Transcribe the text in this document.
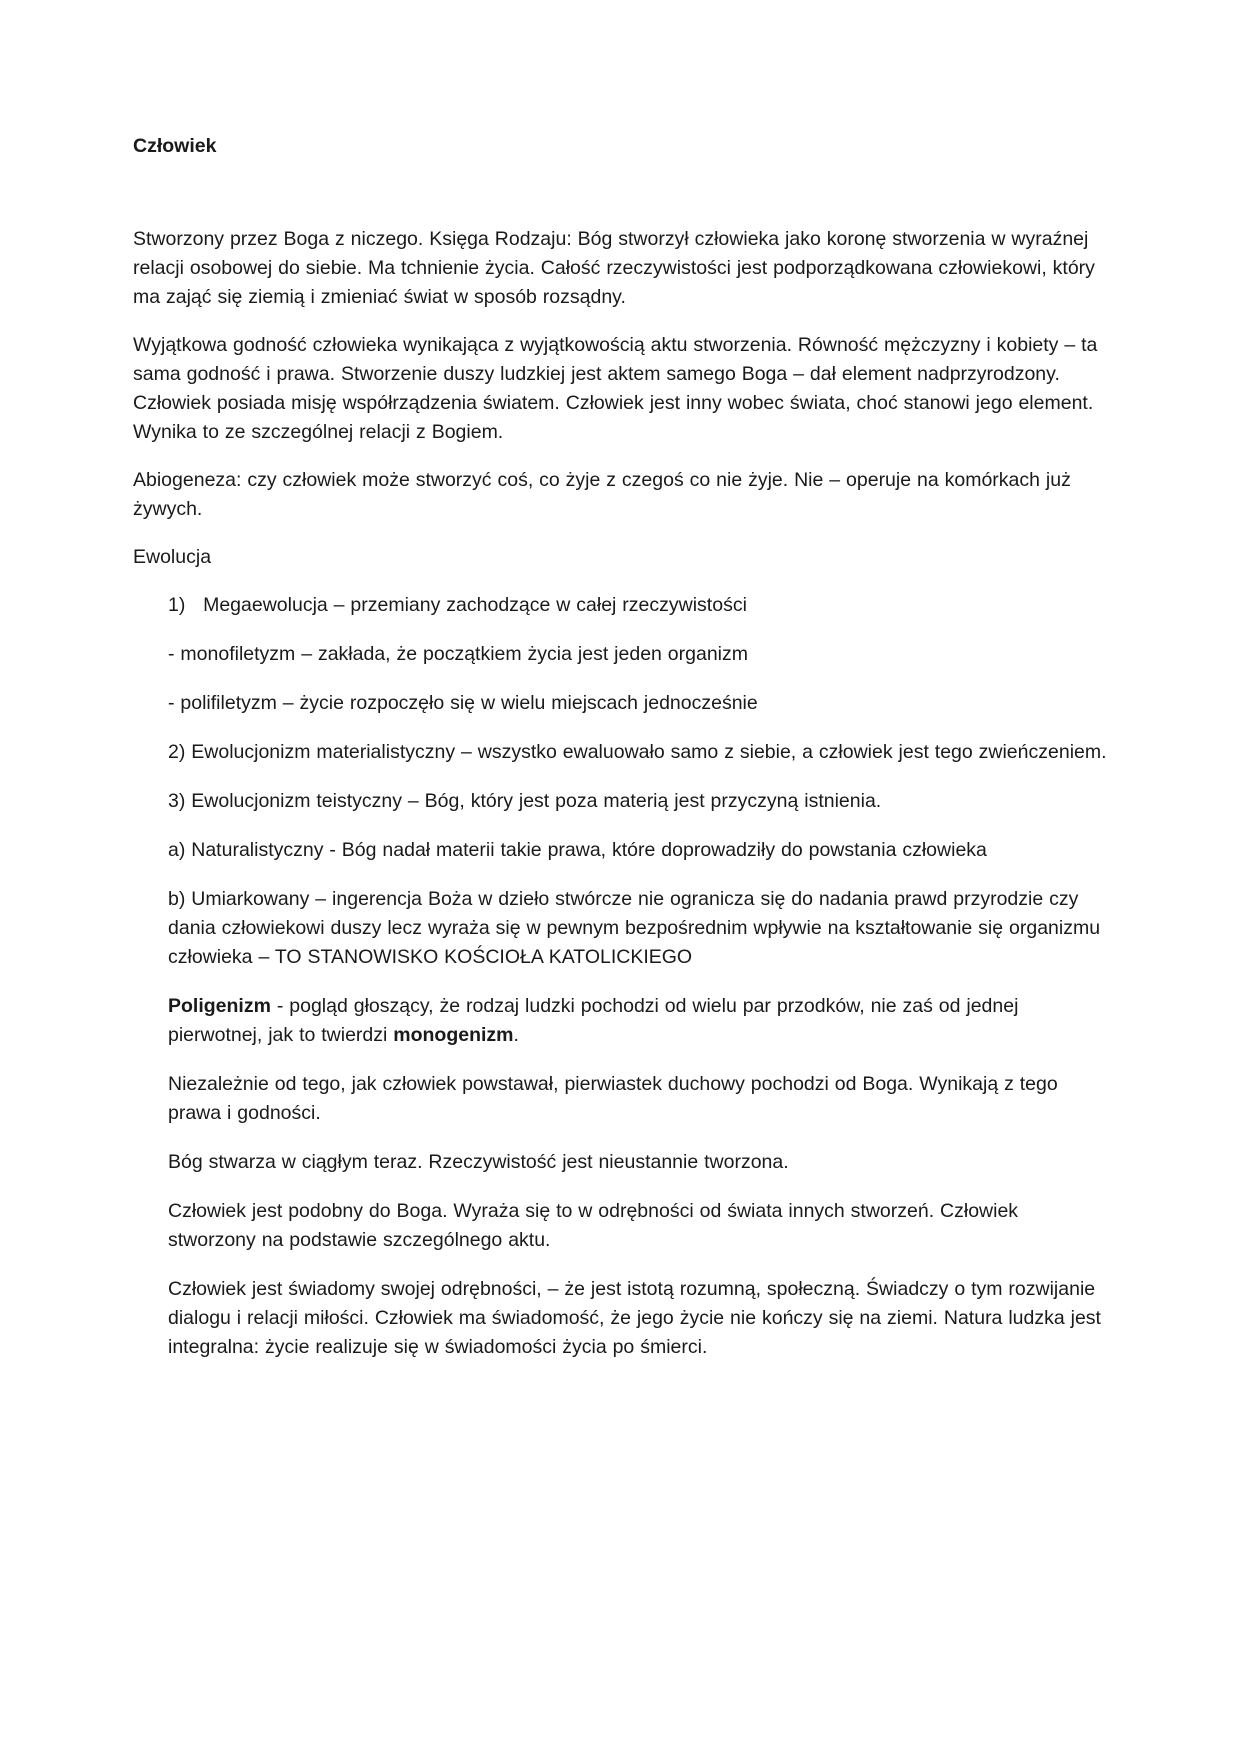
Człowiek

Stworzony przez Boga z niczego. Księga Rodzaju: Bóg stworzył człowieka jako koronę stworzenia w wyraźnej relacji osobowej do siebie. Ma tchnienie życia. Całość rzeczywistości jest podporządkowana człowiekowi, który ma zająć się ziemią i zmieniać świat w sposób rozsądny.

Wyjątkowa godność człowieka wynikająca z wyjątkowością aktu stworzenia. Równość mężczyzny i kobiety – ta sama godność i prawa. Stworzenie duszy ludzkiej jest aktem samego Boga – dał element nadprzyrodzony. Człowiek posiada misję współrządzenia światem. Człowiek jest inny wobec świata, choć stanowi jego element. Wynika to ze szczególnej relacji z Bogiem.

Abiogeneza: czy człowiek może stworzyć coś, co żyje z czegoś co nie żyje. Nie – operuje na komórkach już żywych.

Ewolucja

1)   Megaewolucja – przemiany zachodzące w całej rzeczywistości

- monofiletyzm – zakłada, że początkiem życia jest jeden organizm

- polifiletyzm – życie rozpoczęło się w wielu miejscach jednocześnie

2) Ewolucjonizm materialistyczny – wszystko ewaluowało samo z siebie, a człowiek jest tego zwieńczeniem.

3) Ewolucjonizm teistyczny – Bóg, który jest poza materią jest przyczyną istnienia.

a) Naturalistyczny - Bóg nadał materii takie prawa, które doprowadziły do powstania człowieka

b) Umiarkowany – ingerencja Boża w dzieło stwórcze nie ogranicza się do nadania prawd przyrodzie czy dania człowiekowi duszy lecz wyraża się w pewnym bezpośrednim wpływie na kształtowanie się organizmu człowieka – TO STANOWISKO KOŚCIOŁA KATOLICKIEGO

Poligenizm - pogląd głoszący, że rodzaj ludzki pochodzi od wielu par przodków, nie zaś od jednej pierwotnej, jak to twierdzi monogenizm.

Niezależnie od tego, jak człowiek powstawał, pierwiastek duchowy pochodzi od Boga. Wynikają z tego prawa i godności.

Bóg stwarza w ciągłym teraz. Rzeczywistość jest nieustannie tworzona.

Człowiek jest podobny do Boga. Wyraża się to w odrębności od świata innych stworzeń. Człowiek stworzony na podstawie szczególnego aktu.

Człowiek jest świadomy swojej odrębności, – że jest istotą rozumną, społeczną. Świadczy o tym rozwijanie dialogu i relacji miłości. Człowiek ma świadomość, że jego życie nie kończy się na ziemi. Natura ludzka jest integralna: życie realizuje się w świadomości życia po śmierci.
